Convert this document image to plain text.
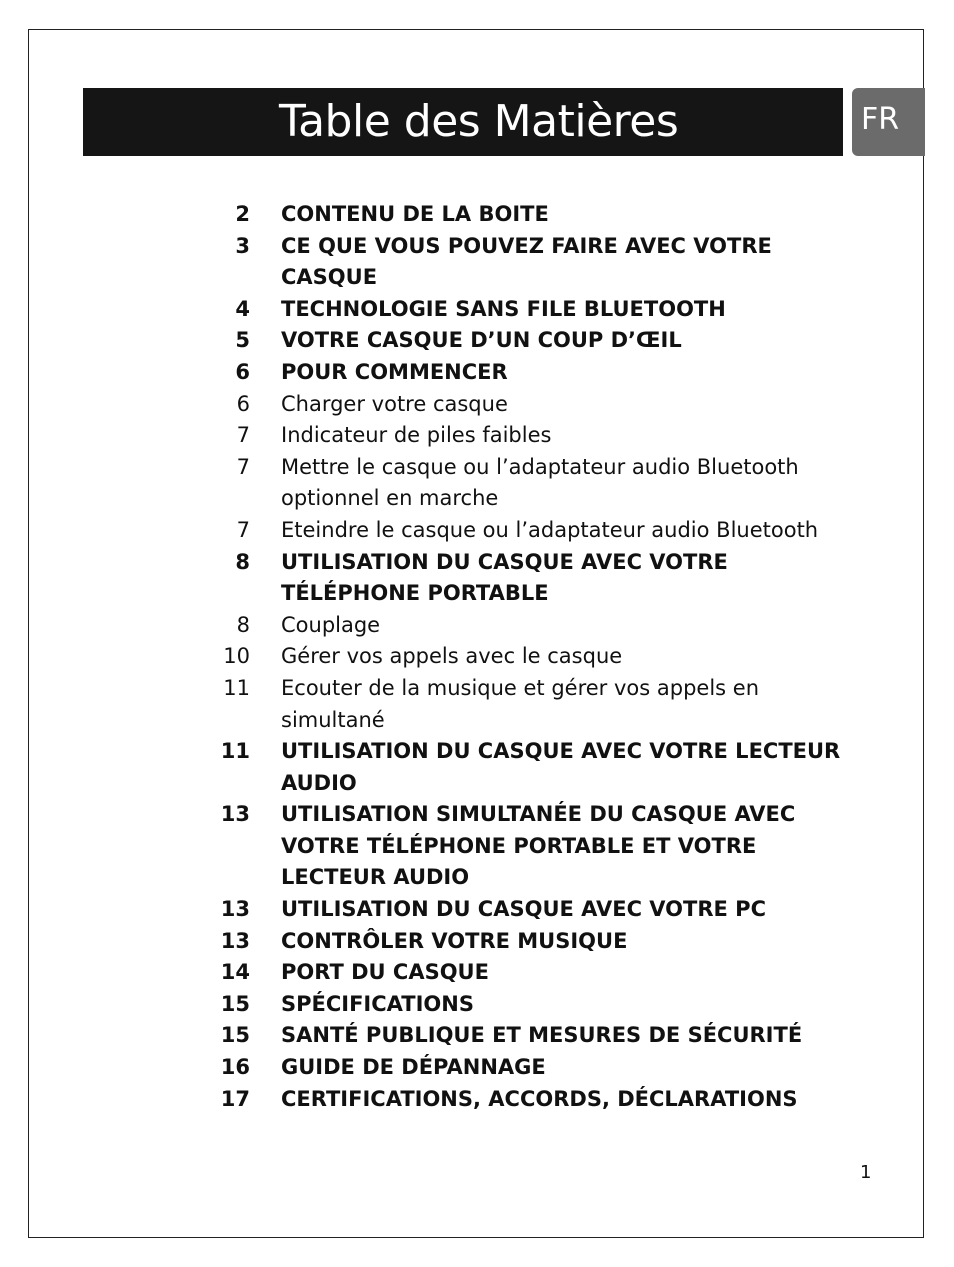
Table des Matières	FR
2 CONTENU DE LA BOITE
3 CE QUE VOUS POUVEZ FAIRE AVEC VOTRE CASQUE
4 TECHNOLOGIE SANS FILE BLUETOOTH
5 VOTRE CASQUE D’UN COUP D’ŒIL
6 POUR COMMENCER
6 Charger votre casque
7 Indicateur de piles faibles
7 Mettre le casque ou l’adaptateur audio Bluetooth optionnel en marche
7 Eteindre le casque ou l’adaptateur audio Bluetooth
8 UTILISATION DU CASQUE AVEC VOTRE TÉLÉPHONE PORTABLE
8 Couplage
10 Gérer vos appels avec le casque
11 Ecouter de la musique et gérer vos appels en simultané
11 UTILISATION DU CASQUE AVEC VOTRE LECTEUR AUDIO
13 UTILISATION SIMULTANÉE DU CASQUE AVEC VOTRE TÉLÉPHONE PORTABLE ET VOTRE LECTEUR AUDIO
13 UTILISATION DU CASQUE AVEC VOTRE PC
13 CONTRÔLER VOTRE MUSIQUE
14 PORT DU CASQUE
15 SPÉCIFICATIONS
15 SANTÉ PUBLIQUE ET MESURES DE SÉCURITÉ
16 GUIDE DE DÉPANNAGE
17 CERTIFICATIONS, ACCORDS, DÉCLARATIONS
1
